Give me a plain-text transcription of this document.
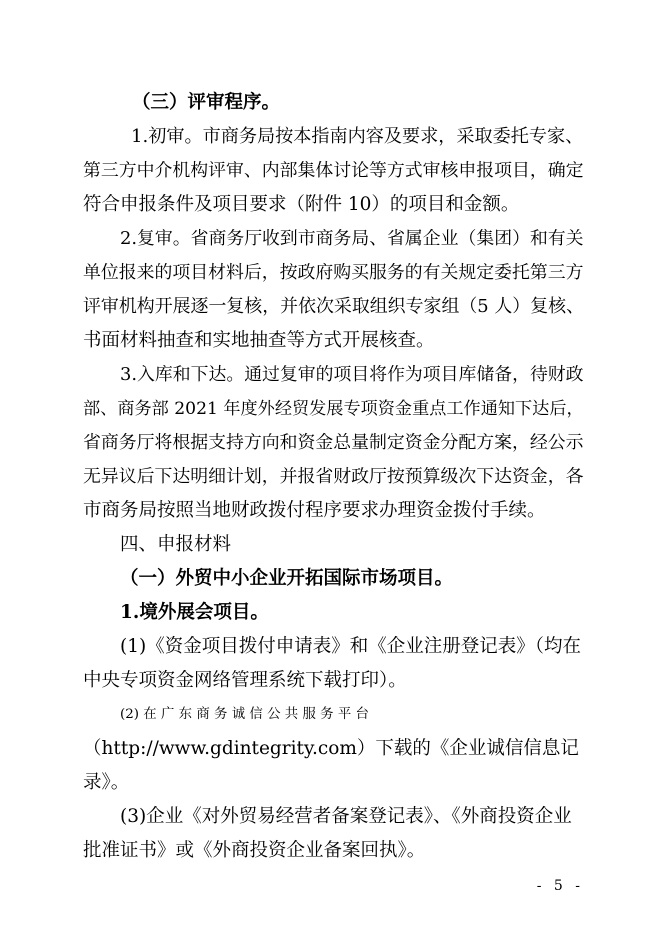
（三）评审程序。
1.初审。市商务局按本指南内容及要求，采取委托专家、
第三方中介机构评审、内部集体讨论等方式审核申报项目，确定
符合申报条件及项目要求（附件 10）的项目和金额。
2.复审。省商务厅收到市商务局、省属企业（集团）和有关
单位报来的项目材料后，按政府购买服务的有关规定委托第三方
评审机构开展逐一复核，并依次采取组织专家组（5 人）复核、
书面材料抽查和实地抽查等方式开展核查。
3.入库和下达。通过复审的项目将作为项目库储备，待财政
部、商务部 2021 年度外经贸发展专项资金重点工作通知下达后，
省商务厅将根据支持方向和资金总量制定资金分配方案，经公示
无异议后下达明细计划，并报省财政厅按预算级次下达资金，各
市商务局按照当地财政拨付程序要求办理资金拨付手续。
四、申报材料
（一）外贸中小企业开拓国际市场项目。
1.境外展会项目。
(1)《资金项目拨付申请表》和《企业注册登记表》（均在
中央专项资金网络管理系统下载打印）。
(2) 在 广 东 商 务 诚 信 公 共 服 务 平 台
（http://www.gdintegrity.com）下载的《企业诚信信息记
录》。
(3)企业《对外贸易经营者备案登记表》、《外商投资企业
批准证书》或《外商投资企业备案回执》。
- 5 -
